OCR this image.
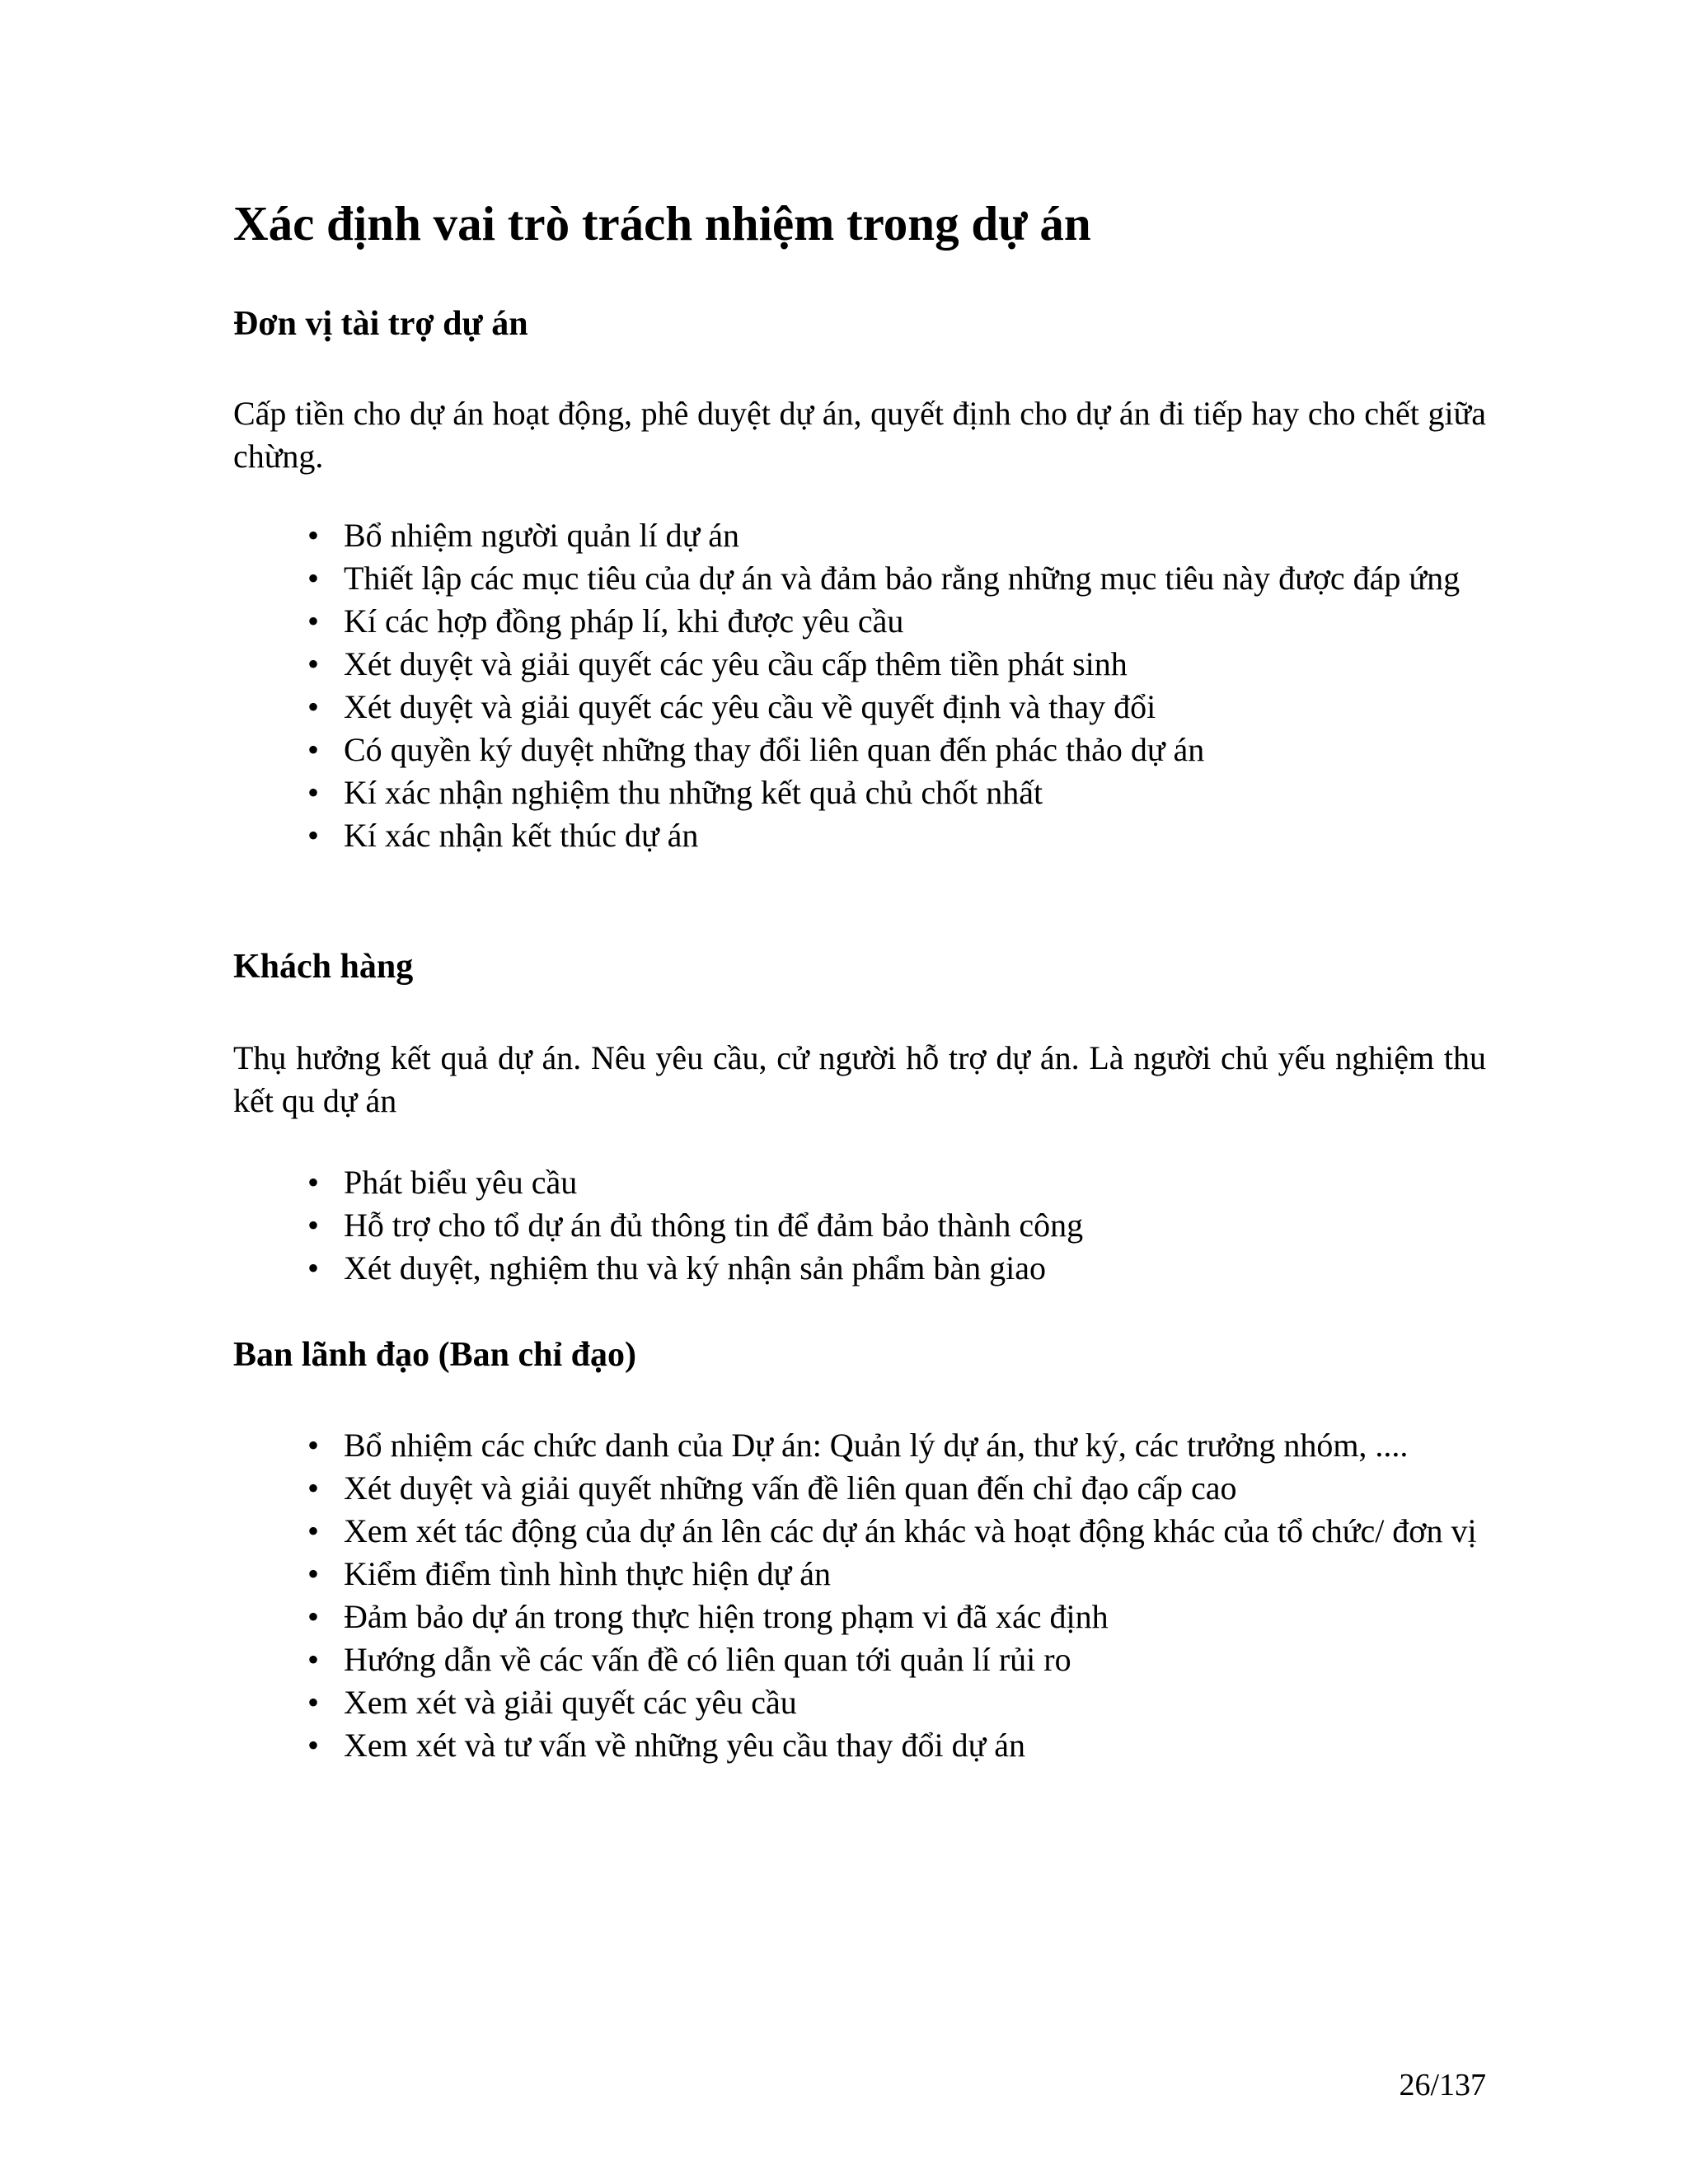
Xác định vai trò trách nhiệm trong dự án
Đơn vị tài trợ dự án

Cấp tiền cho dự án hoạt động, phê duyệt dự án, quyết định cho dự án đi tiếp hay cho chết giữa chừng.

• Bổ nhiệm người quản lí dự án
• Thiết lập các mục tiêu của dự án và đảm bảo rằng những mục tiêu này được đáp ứng
• Kí các hợp đồng pháp lí, khi được yêu cầu
• Xét duyệt và giải quyết các yêu cầu cấp thêm tiền phát sinh
• Xét duyệt và giải quyết các yêu cầu về quyết định và thay đổi
• Có quyền ký duyệt những thay đổi liên quan đến phác thảo dự án
• Kí xác nhận nghiệm thu những kết quả chủ chốt nhất
• Kí xác nhận kết thúc dự án
Khách hàng

Thụ hưởng kết quả dự án. Nêu yêu cầu, cử người hỗ trợ dự án. Là người chủ yếu nghiệm thu kết qu dự án

• Phát biểu yêu cầu
• Hỗ trợ cho tổ dự án đủ thông tin để đảm bảo thành công
• Xét duyệt, nghiệm thu và ký nhận sản phẩm bàn giao
Ban lãnh đạo (Ban chỉ đạo)
• Bổ nhiệm các chức danh của Dự án: Quản lý dự án, thư ký, các trưởng nhóm, ....
• Xét duyệt và giải quyết những vấn đề liên quan đến chỉ đạo cấp cao
• Xem xét tác động của dự án lên các dự án khác và hoạt động khác của tổ chức/ đơn vị
• Kiểm điểm tình hình thực hiện dự án
• Đảm bảo dự án trong thực hiện trong phạm vi đã xác định
• Hướng dẫn về các vấn đề có liên quan tới quản lí rủi ro
• Xem xét và giải quyết các yêu cầu
• Xem xét và tư vấn về những yêu cầu thay đổi dự án
26/137
